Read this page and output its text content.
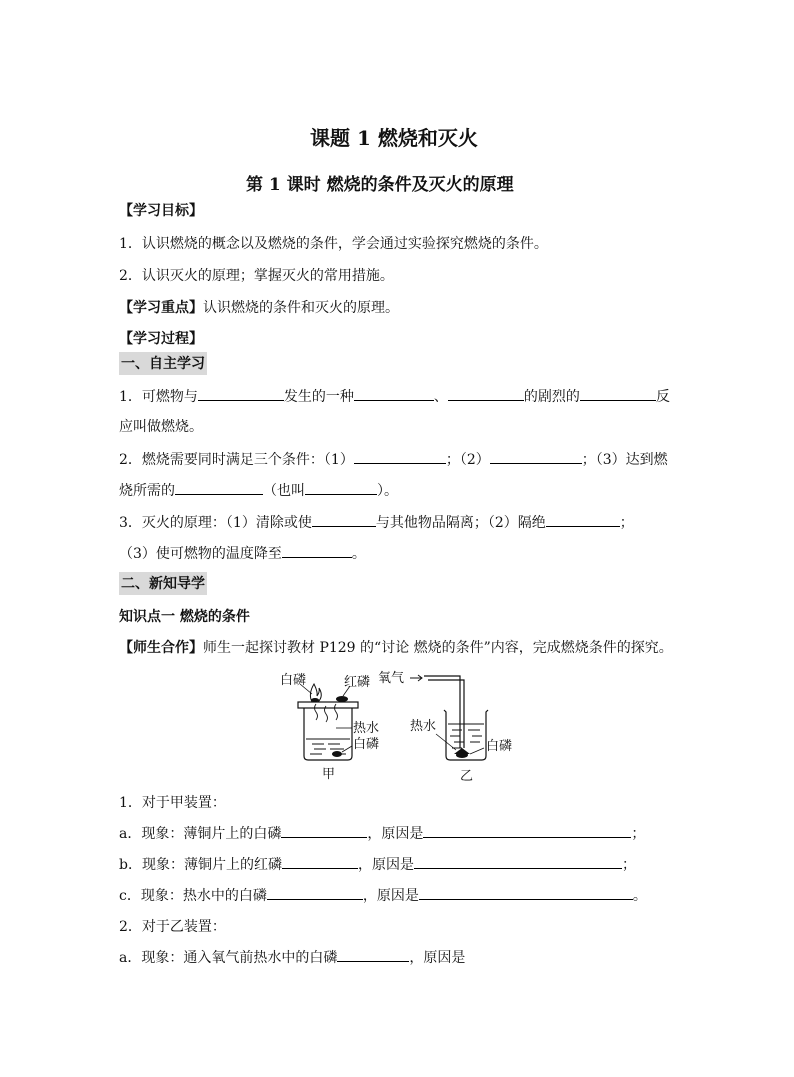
课题 1 燃烧和灭火
第 1 课时 燃烧的条件及灭火的原理
【学习目标】
1．认识燃烧的概念以及燃烧的条件，学会通过实验探究燃烧的条件。
2．认识灭火的原理；掌握灭火的常用措施。
【学习重点】认识燃烧的条件和灭火的原理。
【学习过程】
一、自主学习
1．可燃物与	发生的一种	、	的剧烈的	反
应叫做燃烧。
2．燃烧需要同时满足三个条件：（1）	；（2）	；（3）达到燃
烧所需的	（也叫	）。
3．灭火的原理：（1）清除或使	与其他物品隔离；（2）隔绝	；
（3）使可燃物的温度降至	。
二、新知导学
知识点一 燃烧的条件
【师生合作】师生一起探讨教材 P129 的“讨论 燃烧的条件”内容，完成燃烧条件的探究。
白磷	红磷
热水
白磷
甲
氧气
热水
白磷
乙
1．对于甲装置：
a．现象：薄铜片上的白磷	，原因是	；
b．现象：薄铜片上的红磷	，原因是	；
c．现象：热水中的白磷	，原因是	。
2．对于乙装置：
a．现象：通入氧气前热水中的白磷	，原因是
